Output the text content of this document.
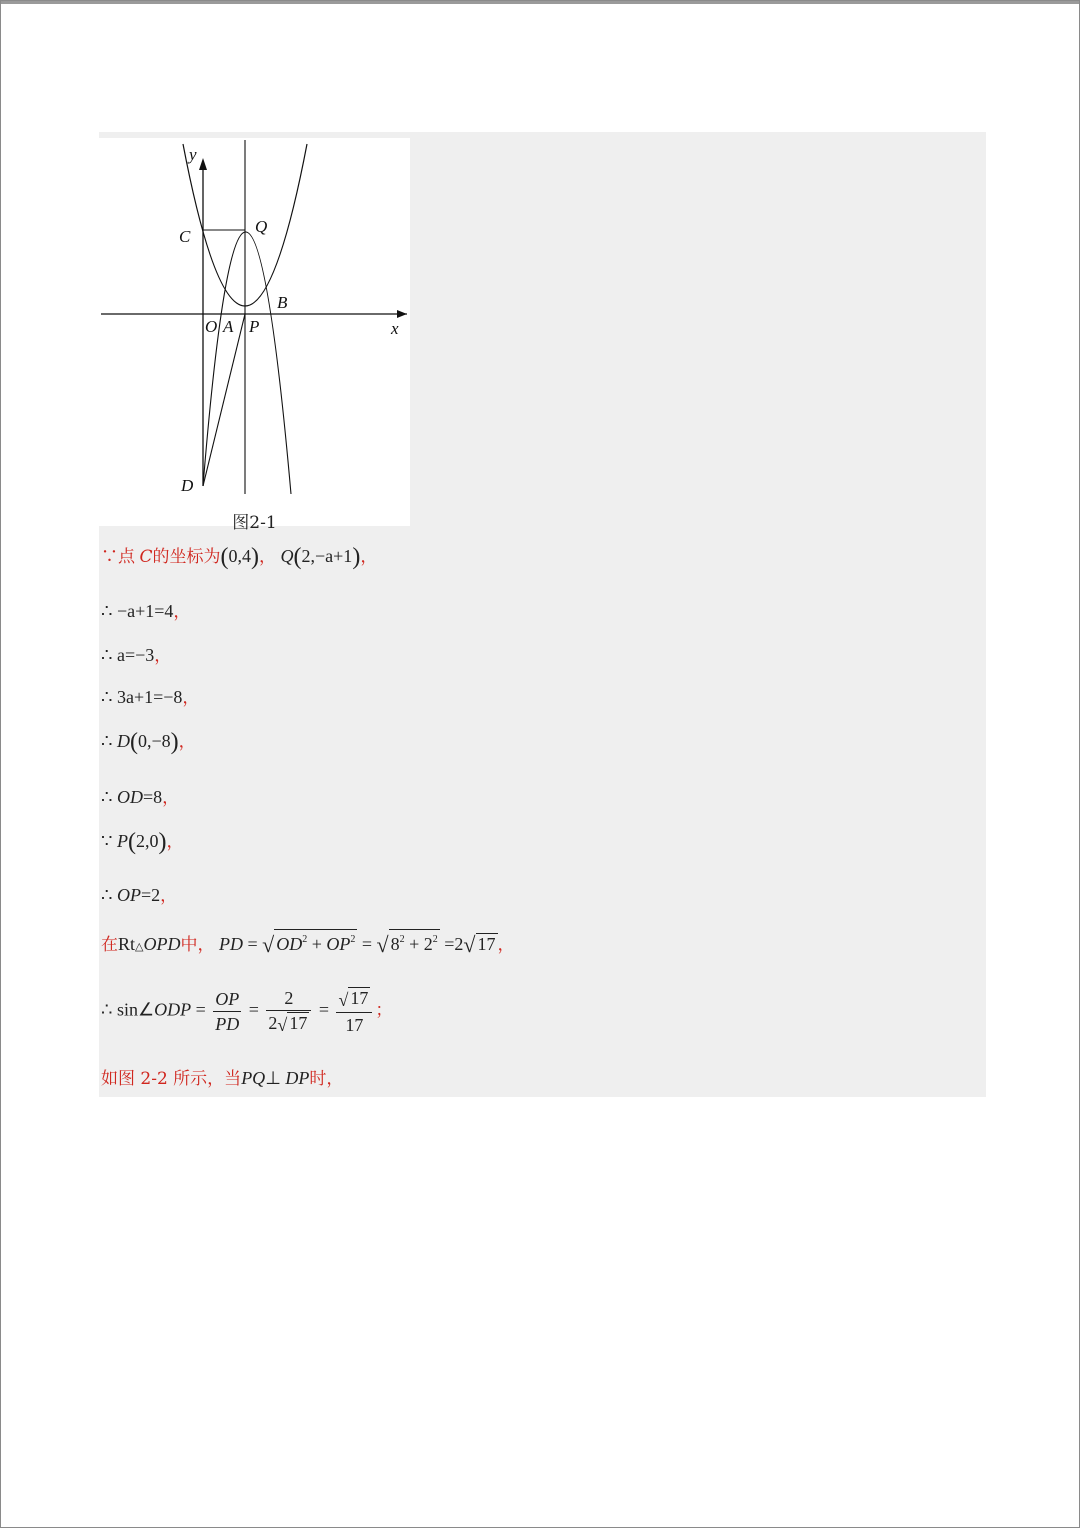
y
x
C
Q
B
O A P
D
图2-1
∵点 C的坐标为(0,4)， Q(2,−a+1)，
∴ −a+1=4，
∴ a=−3，
∴ 3a+1=−8，
∴ D(0,−8)，
∴ OD=8，
∵ P(2,0)，
∴ OP=2，
在Rt△OPD中， PD = √ $OD^2 + OP^2$ = √ $8^2 + 2^2 =2√$ 17 ，
∴ sin∠ODP = $\frac{OP}{PD} = \frac{2}{2√ 17} = \frac{√ 17}{17}$ ；
如图 2-2 所示，当PQ⊥ DP时，
